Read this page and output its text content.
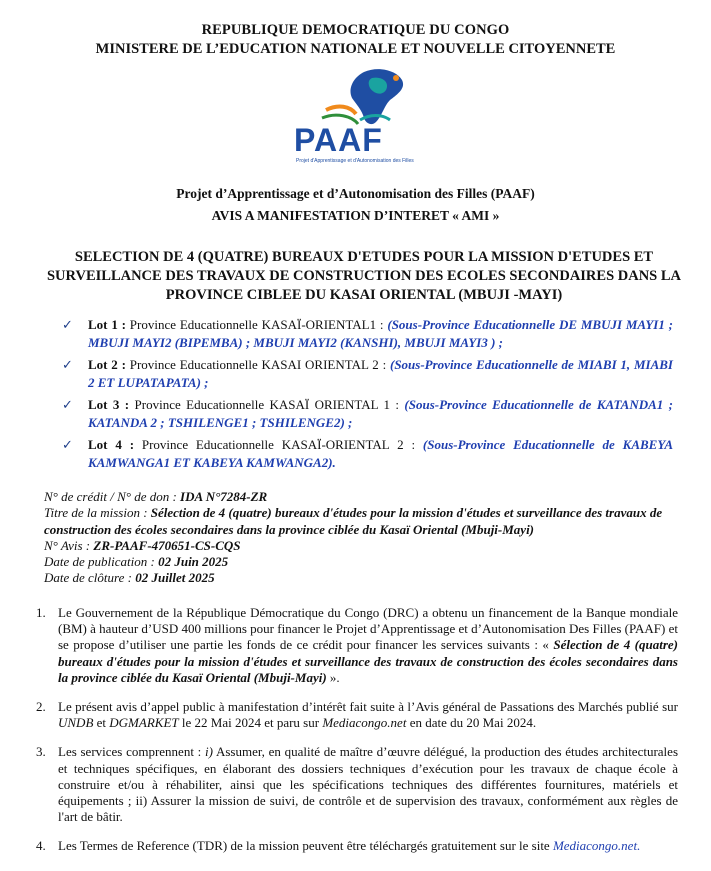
REPUBLIQUE DEMOCRATIQUE DU CONGO
MINISTERE DE L’EDUCATION NATIONALE ET NOUVELLE CITOYENNETE
PAAF
Projet d'Apprentissage et d'Autonomisation des Filles
Projet d’Apprentissage et d’Autonomisation des Filles (PAAF)
AVIS A MANIFESTATION D’INTERET « AMI »
SELECTION DE 4 (QUATRE) BUREAUX D'ETUDES POUR LA MISSION D'ETUDES ET SURVEILLANCE DES TRAVAUX DE CONSTRUCTION DES ECOLES SECONDAIRES DANS LA PROVINCE CIBLEE DU KASAI ORIENTAL (MBUJI -MAYI)
✓ Lot 1 : Province Educationnelle KASAÏ-ORIENTAL1 : (Sous-Province Educationnelle DE MBUJI MAYI1 ; MBUJI MAYI2 (BIPEMBA) ; MBUJI MAYI2 (KANSHI), MBUJI MAYI3 ) ;
✓ Lot 2 : Province Educationnelle KASAI ORIENTAL 2 : (Sous-Province Educationnelle de MIABI 1, MIABI 2 ET LUPATAPATA) ;
✓ Lot 3 : Province Educationnelle KASAÏ ORIENTAL 1 : (Sous-Province Educationnelle de KATANDA1 ; KATANDA 2 ; TSHILENGE1 ; TSHILENGE2) ;
✓ Lot 4 : Province Educationnelle KASAÏ-ORIENTAL 2 : (Sous-Province Educationnelle de KABEYA KAMWANGA1 ET KABEYA KAMWANGA2).
N° de crédit / N° de don : IDA N°7284-ZR
Titre de la mission : Sélection de 4 (quatre) bureaux d'études pour la mission d'études et surveillance des travaux de construction des écoles secondaires dans la province ciblée du Kasaï Oriental (Mbuji-Mayi)
N° Avis : ZR-PAAF-470651-CS-CQS
Date de publication : 02 Juin 2025
Date de clôture : 02 Juillet 2025
1. Le Gouvernement de la République Démocratique du Congo (DRC) a obtenu un financement de la Banque mondiale (BM) à hauteur d’USD 400 millions pour financer le Projet d’Apprentissage et d’Autonomisation Des Filles (PAAF) et se propose d’utiliser une partie les fonds de ce crédit pour financer les services suivants : « Sélection de 4 (quatre) bureaux d'études pour la mission d'études et surveillance des travaux de construction des écoles secondaires dans la province ciblée du Kasaï Oriental (Mbuji-Mayi) ».
2. Le présent avis d’appel public à manifestation d’intérêt fait suite à l’Avis général de Passations des Marchés publié sur UNDB et DGMARKET le 22 Mai 2024 et paru sur Mediacongo.net en date du 20 Mai 2024.
3. Les services comprennent : i) Assumer, en qualité de maître d’œuvre délégué, la production des études architecturales et techniques spécifiques, en élaborant des dossiers techniques d’exécution pour les travaux de chaque école à construire et/ou à réhabiliter, ainsi que les spécifications techniques des différentes fournitures, matériels et équipements ; ii) Assurer la mission de suivi, de contrôle et de supervision des travaux, conformément aux règles de l'art de bâtir.
4. Les Termes de Reference (TDR) de la mission peuvent être téléchargés gratuitement sur le site Mediacongo.net.
